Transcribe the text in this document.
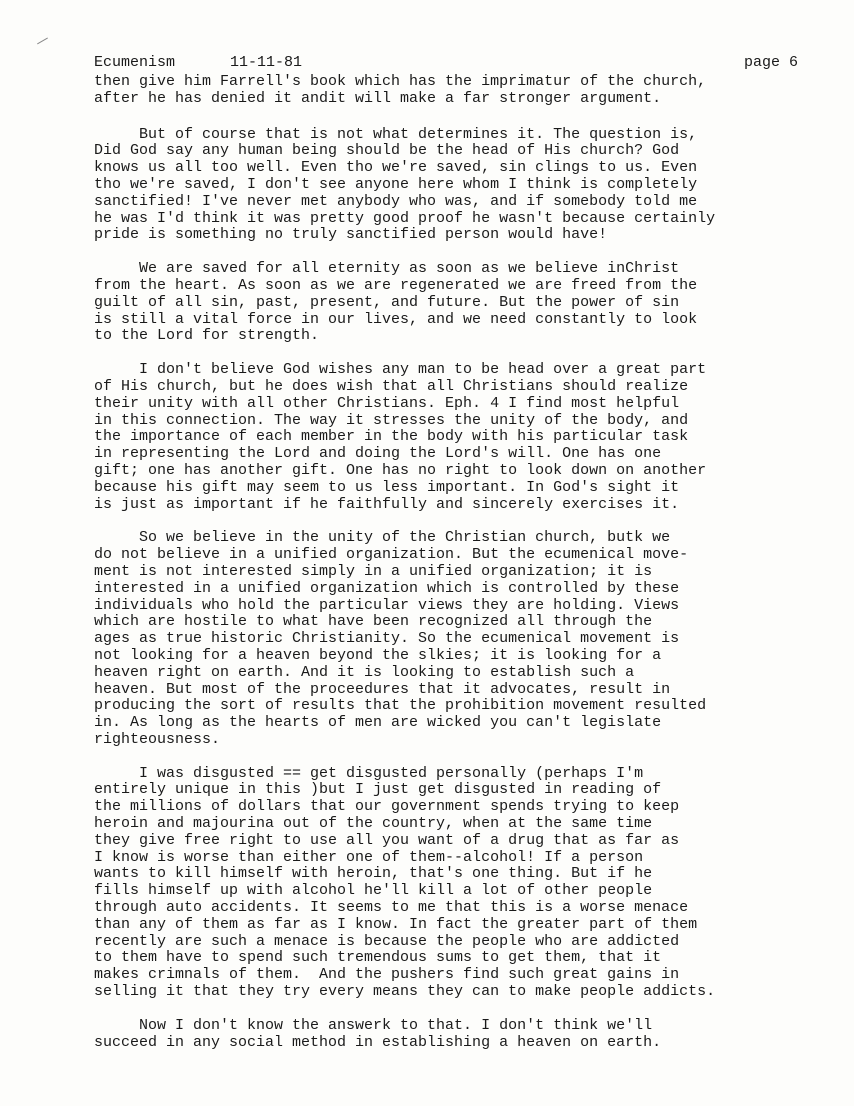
Ecumenism	11-11-81	page 6
then give him Farrell's book which has the imprimatur of the church,
after he has denied it andit will make a far stronger argument.
But of course that is not what determines it. The question is,
Did God say any human being should be the head of His church? God
knows us all too well. Even tho we're saved, sin clings to us. Even
tho we're saved, I don't see anyone here whom I think is completely
sanctified! I've never met anybody who was, and if somebody told me
he was I'd think it was pretty good proof he wasn't because certainly
pride is something no truly sanctified person would have!
We are saved for all eternity as soon as we believe inChrist
from the heart. As soon as we are regenerated we are freed from the
guilt of all sin, past, present, and future. But the power of sin
is still a vital force in our lives, and we need constantly to look
to the Lord for strength.
I don't believe God wishes any man to be head over a great part
of His church, but he does wish that all Christians should realize
their unity with all other Christians. Eph. 4 I find most helpful
in this connection. The way it stresses the unity of the body, and
the importance of each member in the body with his particular task
in representing the Lord and doing the Lord's will. One has one
gift; one has another gift. One has no right to look down on another
because his gift may seem to us less important. In God's sight it
is just as important if he faithfully and sincerely exercises it.
So we believe in the unity of the Christian church, butk we
do not believe in a unified organization. But the ecumenical move-
ment is not interested simply in a unified organization; it is
interested in a unified organization which is controlled by these
individuals who hold the particular views they are holding. Views
which are hostile to what have been recognized all through the
ages as true historic Christianity. So the ecumenical movement is
not looking for a heaven beyond the slkies; it is looking for a
heaven right on earth. And it is looking to establish such a
heaven. But most of the proceedures that it advocates, result in
producing the sort of results that the prohibition movement resulted
in. As long as the hearts of men are wicked you can't legislate
righteousness.
I was disgusted == get disgusted personally (perhaps I'm
entirely unique in this )but I just get disgusted in reading of
the millions of dollars that our government spends trying to keep
heroin and majourina out of the country, when at the same time
they give free right to use all you want of a drug that as far as
I know is worse than either one of them--alcohol! If a person
wants to kill himself with heroin, that's one thing. But if he
fills himself up with alcohol he'll kill a lot of other people
through auto accidents. It seems to me that this is a worse menace
than any of them as far as I know. In fact the greater part of them
recently are such a menace is because the people who are addicted
to them have to spend such tremendous sums to get them, that it
makes crimnals of them.  And the pushers find such great gains in
selling it that they try every means they can to make people addicts.
Now I don't know the answerk to that. I don't think we'll
succeed in any social method in establishing a heaven on earth.
